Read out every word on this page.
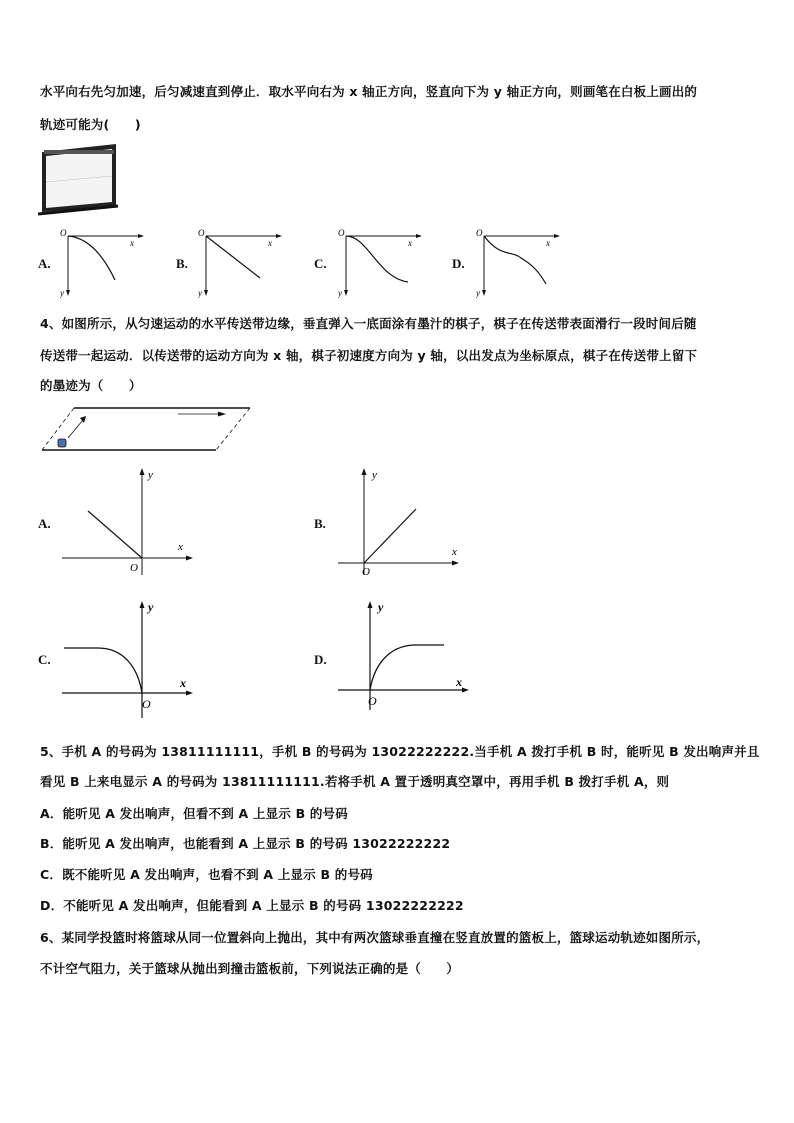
水平向右先匀加速，后匀减速直到停止．取水平向右为 x 轴正方向，竖直向下为 y 轴正方向，则画笔在白板上画出的
轨迹可能为(　　)
A.
O
x
y
B.
O
x
y
C.
O
x
y
D.
O
x
y
4、如图所示，从匀速运动的水平传送带边缘，垂直弹入一底面涂有墨汁的棋子，棋子在传送带表面滑行一段时间后随
传送带一起运动．以传送带的运动方向为 x 轴，棋子初速度方向为 y 轴，以出发点为坐标原点，棋子在传送带上留下
的墨迹为（　　）
A.
y
x
O
B.
y
x
O
C.
y
x
O
D.
y
x
O
5、手机 A 的号码为 13811111111，手机 B 的号码为 13022222222.当手机 A 拨打手机 B 时，能听见 B 发出响声并且
看见 B 上来电显示 A 的号码为 13811111111.若将手机 A 置于透明真空罩中，再用手机 B 拨打手机 A，则
A．能听见 A 发出响声，但看不到 A 上显示 B 的号码
B．能听见 A 发出响声，也能看到 A 上显示 B 的号码 13022222222
C．既不能听见 A 发出响声，也看不到 A 上显示 B 的号码
D．不能听见 A 发出响声，但能看到 A 上显示 B 的号码 13022222222
6、某同学投篮时将篮球从同一位置斜向上抛出，其中有两次篮球垂直撞在竖直放置的篮板上，篮球运动轨迹如图所示，
不计空气阻力，关于篮球从抛出到撞击篮板前，下列说法正确的是（　　）
